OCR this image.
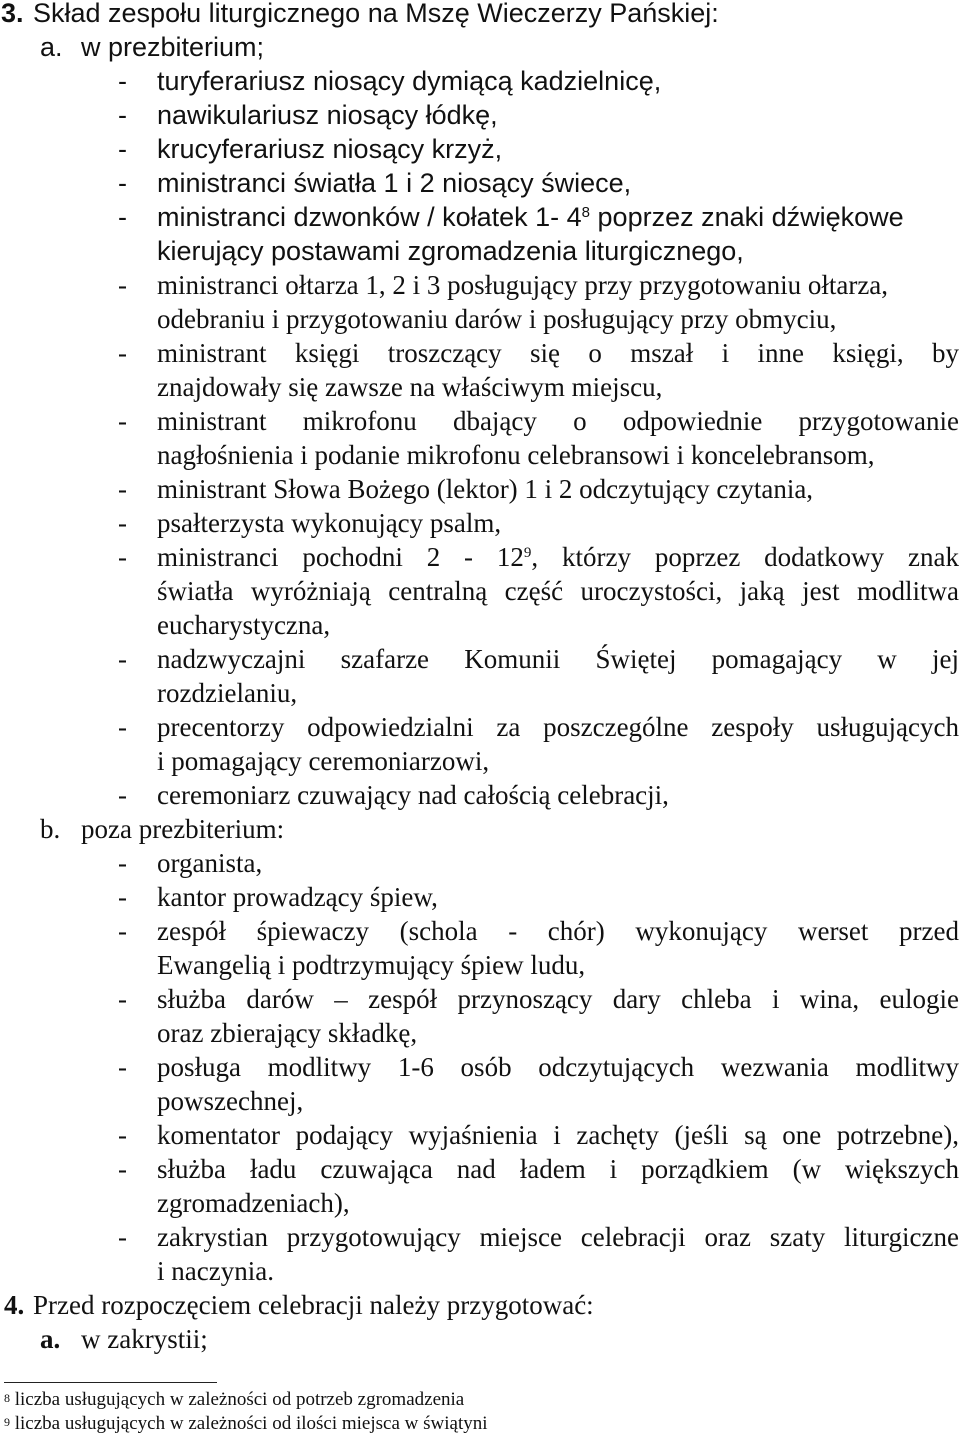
3. Skład zespołu liturgicznego na Mszę Wieczerzy Pańskiej:
a. w prezbiterium;
- turyferariusz niosący dymiącą kadzielnicę,
- nawikulariusz niosący łódkę,
- krucyferariusz niosący krzyż,
- ministranci światła 1 i 2 niosący świece,
- ministranci dzwonków / kołatek 1- $4^8$ poprzez znaki dźwiękowe
kierujący postawami zgromadzenia liturgicznego,
- ministranci ołtarza 1, 2 i 3 posługujący przy przygotowaniu ołtarza,
odebraniu i przygotowaniu darów i posługujący przy obmyciu,
- ministrant księgi troszczący się o mszał i inne księgi, by
znajdowały się zawsze na właściwym miejscu,
- ministrant mikrofonu dbający o odpowiednie przygotowanie
nagłośnienia i podanie mikrofonu celebransowi i koncelebransom,
- ministrant Słowa Bożego (lektor) 1 i 2 odczytujący czytania,
- psałterzysta wykonujący psalm,
- ministranci pochodni $2 - 12^9$, którzy poprzez dodatkowy znak
światła wyróżniają centralną część uroczystości, jaką jest modlitwa
eucharystyczna,
- nadzwyczajni szafarze Komunii Świętej pomagający w jej
rozdzielaniu,
- precentorzy odpowiedzialni za poszczególne zespoły usługujących
i pomagający ceremoniarzowi,
- ceremoniarz czuwający nad całością celebracji,
b. poza prezbiterium:
- organista,
- kantor prowadzący śpiew,
- zespół śpiewaczy (schola - chór) wykonujący werset przed
Ewangelią i podtrzymujący śpiew ludu,
- służba darów – zespół przynoszący dary chleba i wina, eulogie
oraz zbierający składkę,
- posługa modlitwy 1-6 osób odczytujących wezwania modlitwy
powszechnej,
- komentator podający wyjaśnienia i zachęty (jeśli są one potrzebne),
- służba ładu czuwająca nad ładem i porządkiem (w większych
zgromadzeniach),
- zakrystian przygotowujący miejsce celebracji oraz szaty liturgiczne
i naczynia.
4. Przed rozpoczęciem celebracji należy przygotować:
a. w zakrystii;
$^8$ liczba usługujących w zależności od potrzeb zgromadzenia
$^9$ liczba usługujących w zależności od ilości miejsca w świątyni
